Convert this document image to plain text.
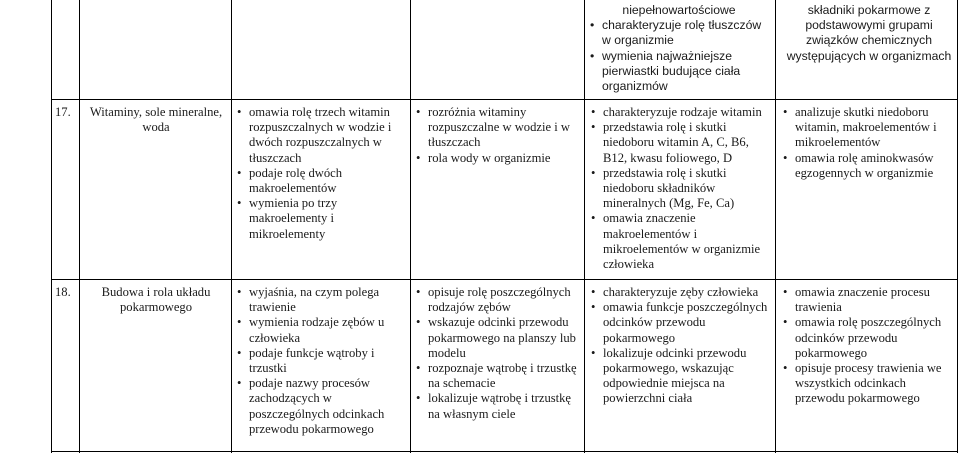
niepełnowartościowe

• charakteryzuje rolę tłuszczów w organizmie
• wymienia najważniejsze pierwiastki budujące ciała organizmów

składniki pokarmowe z podstawowymi grupami związków chemicznych występujących w organizmach

17.	Witaminy, sole mineralne, woda
• omawia rolę trzech witamin rozpuszczalnych w wodzie i dwóch rozpuszczalnych w tłuszczach
• podaje rolę dwóch makroelementów
• wymienia po trzy makroelementy i mikroelementy
• rozróżnia witaminy rozpuszczalne w wodzie i w tłuszczach
• rola wody w organizmie
• charakteryzuje rodzaje witamin
• przedstawia rolę i skutki niedoboru witamin A, C, B6, B12, kwasu foliowego, D
• przedstawia rolę i skutki niedoboru składników mineralnych (Mg, Fe, Ca)
• omawia znaczenie makroelementów i mikroelementów w organizmie człowieka
• analizuje skutki niedoboru witamin, makroelementów i mikroelementów
• omawia rolę aminokwasów egzogennych w organizmie
18.	Budowa i rola układu pokarmowego
• wyjaśnia, na czym polega trawienie
• wymienia rodzaje zębów u człowieka
• podaje funkcje wątroby i trzustki
• podaje nazwy procesów zachodzących w poszczególnych odcinkach przewodu pokarmowego
• opisuje rolę poszczególnych rodzajów zębów
• wskazuje odcinki przewodu pokarmowego na planszy lub modelu
• rozpoznaje wątrobę i trzustkę na schemacie
• lokalizuje wątrobę i trzustkę na własnym ciele
• charakteryzuje zęby człowieka
• omawia funkcje poszczególnych odcinków przewodu pokarmowego
• lokalizuje odcinki przewodu pokarmowego, wskazując odpowiednie miejsca na powierzchni ciała
• omawia znaczenie procesu trawienia
• omawia rolę poszczególnych odcinków przewodu pokarmowego
• opisuje procesy trawienia we wszystkich odcinkach przewodu pokarmowego
